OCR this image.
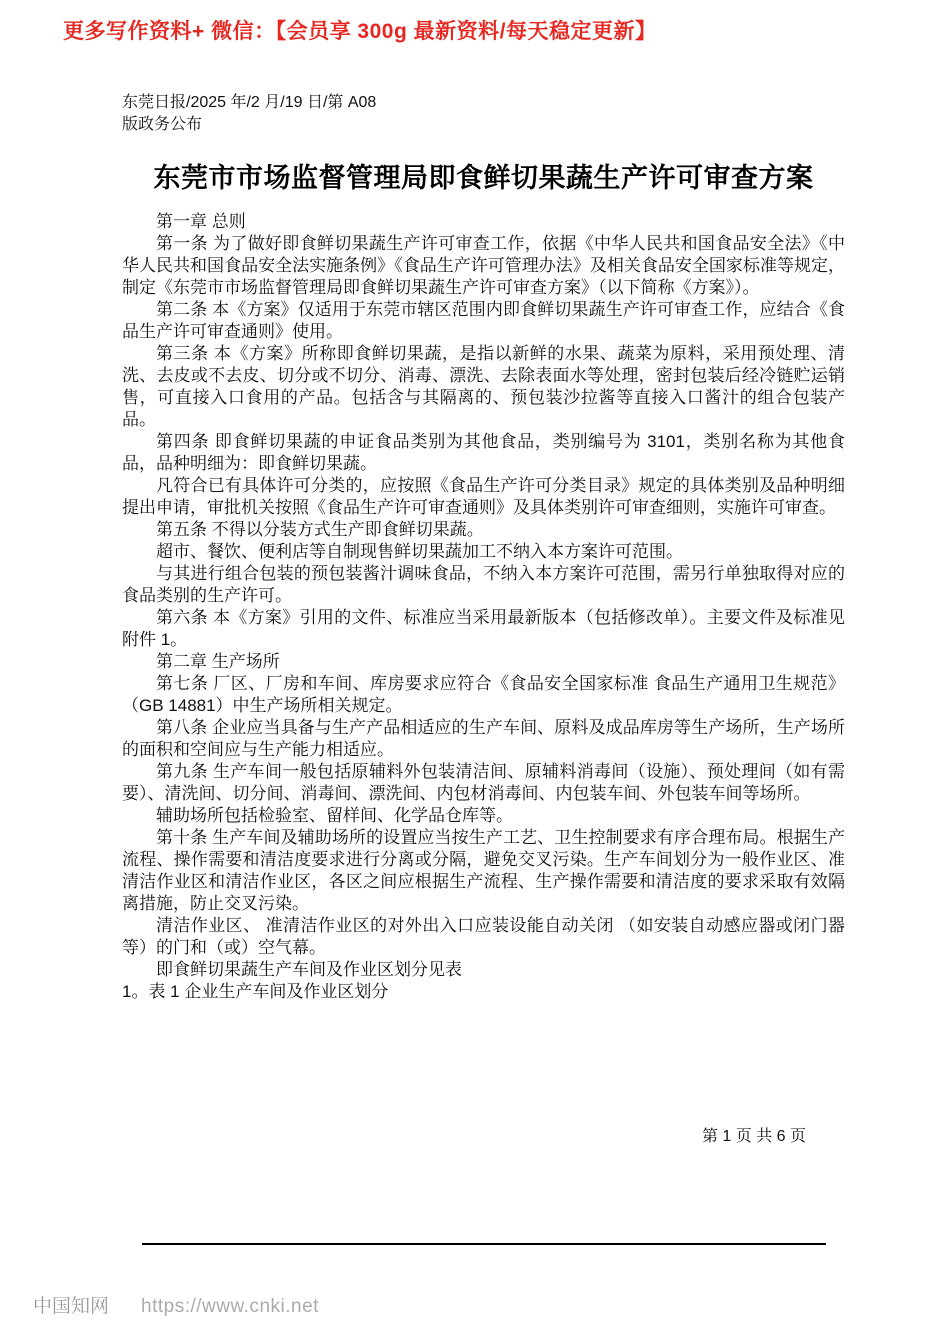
更多写作资料+ 微信：【会员享 300g 最新资料/每天稳定更新】
东莞日报/2025 年/2 月/19 日/第 A08
版政务公布
东莞市市场监督管理局即食鲜切果蔬生产许可审查方案

第一章 总则

第一条 为了做好即食鲜切果蔬生产许可审查工作，依据《中华人民共和国食品安全法》《中华人民共和国食品安全法实施条例》《食品生产许可管理办法》及相关食品安全国家标准等规定，制定《东莞市市场监督管理局即食鲜切果蔬生产许可审查方案》（以下简称《方案》）。

第二条 本《方案》仅适用于东莞市辖区范围内即食鲜切果蔬生产许可审查工作，应结合《食品生产许可审查通则》使用。

第三条 本《方案》所称即食鲜切果蔬，是指以新鲜的水果、蔬菜为原料，采用预处理、清洗、去皮或不去皮、切分或不切分、消毒、漂洗、去除表面水等处理，密封包装后经冷链贮运销售，可直接入口食用的产品。包括含与其隔离的、预包装沙拉酱等直接入口酱汁的组合包装产品。

第四条 即食鲜切果蔬的申证食品类别为其他食品，类别编号为 3101，类别名称为其他食品，品种明细为：即食鲜切果蔬。

凡符合已有具体许可分类的，应按照《食品生产许可分类目录》规定的具体类别及品种明细提出申请，审批机关按照《食品生产许可审查通则》及具体类别许可审查细则，实施许可审查。

第五条 不得以分装方式生产即食鲜切果蔬。

超市、餐饮、便利店等自制现售鲜切果蔬加工不纳入本方案许可范围。

与其进行组合包装的预包装酱汁调味食品，不纳入本方案许可范围，需另行单独取得对应的食品类别的生产许可。

第六条 本《方案》引用的文件、标准应当采用最新版本（包括修改单）。主要文件及标准见附件 1。

第二章 生产场所

第七条 厂区、厂房和车间、库房要求应符合《食品安全国家标准 食品生产通用卫生规范》（GB 14881）中生产场所相关规定。

第八条 企业应当具备与生产产品相适应的生产车间、原料及成品库房等生产场所，生产场所的面积和空间应与生产能力相适应。

第九条 生产车间一般包括原辅料外包装清洁间、原辅料消毒间（设施）、预处理间（如有需要）、清洗间、切分间、消毒间、漂洗间、内包材消毒间、内包装车间、外包装车间等场所。

辅助场所包括检验室、留样间、化学品仓库等。

第十条 生产车间及辅助场所的设置应当按生产工艺、卫生控制要求有序合理布局。根据生产流程、操作需要和清洁度要求进行分离或分隔，避免交叉污染。生产车间划分为一般作业区、准清洁作业区和清洁作业区，各区之间应根据生产流程、生产操作需要和清洁度的要求采取有效隔离措施，防止交叉污染。

清洁作业区、 准清洁作业区的对外出入口应装设能自动关闭 （如安装自动感应器或闭门器等）的门和（或）空气幕。

即食鲜切果蔬生产车间及作业区划分见表

1。表 1 企业生产车间及作业区划分

第 1 页 共 6 页
中国知网 https://www.cnki.net
